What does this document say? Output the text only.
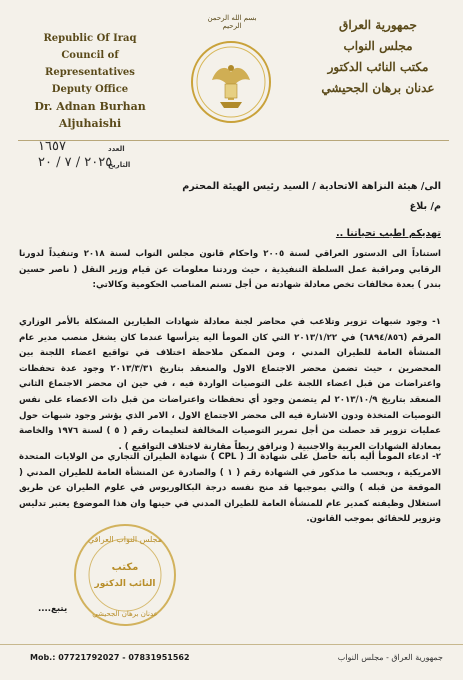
Republic Of Iraq
Council of Representatives
Deputy Office
Dr. Adnan Burhan Aljuhaishi
بسم الله الرحمن الرحيم	جمهورية العراق
مجلس النواب
مكتب النائب الدكتور
عدنان برهان الجحيشي
العدد
١٦٥٧
التاريخ
٢٠٢٥ / ٧ / ٢٠
الى/ هيئة النزاهة الاتحادية / السيد رئيس الهيئة المحترم
م/ بلاغ
تهديكم اطيب تحياتنا ..
استناداً الى الدستور العراقي لسنة ٢٠٠٥ واحكام قانون مجلس النواب لسنة ٢٠١٨ وتنفيذاً لدورنا الرقابي ومراقبة عمل السلطة التنفيذية ، حيث وردتنا معلومات عن قيام وزير النقل ( ناصر حسين بندر ) بعدة مخالفات تخص معادلة شهادته من أجل تسنم المناصب الحكومية وكالاتي:
١- وجود شبهات تزوير وتلاعب في محاضر لجنة معادلة شهادات الطيارين المشكلة بالأمر الوزاري المرقم (٦٨٩٤/٨٥٦) في ٢٠١٣/١/٢٢ التي كان المومأ اليه يترأسها عندما كان يشغل منصب مدير عام المنشأة العامة للطيران المدني ، ومن الممكن ملاحظة اختلاف في تواقيع اعضاء اللجنة بين المحضرين ، حيث تضمن محضر الاجتماع الاول والمنعقد بتاريخ ٢٠١٣/٣/٣١ وجود عدة تحفظات واعتراضات من قبل اعضاء اللجنة على التوصيات الواردة فيه ، في حين ان محضر الاجتماع الثاني المنعقد بتاريخ ٢٠١٣/١٠/٩ لم يتضمن وجود أي تحفظات واعتراضات من قبل ذات الاعضاء على نفس التوصيات المتخذة ودون الاشارة فيه الى محضر الاجتماع الاول ، الامر الذي يؤشر وجود شبهات حول عمليات تزوير قد حصلت من أجل تمرير التوصيات المخالفة لتعليمات رقم ( ٥ ) لسنة ١٩٧٦ والخاصة بمعادلة الشهادات العربية والاجنبية ( ونرافق ربطاً مقارنة لاختلاف التواقيع ) .
٢- ادعاء المومأ أليه بأنه حاصل على شهادة الـ ( CPL ) شهادة الطيران التجاري من الولايات المتحدة الامريكية ، وبحسب ما مذكور في الشهادة رقم ( ١ ) والصادرة عن المنشأة العامة للطيران المدني ( الموقعة من قبله ) والتي بموجبها قد منح نفسه درجة البكالوريوس في علوم الطيران عن طريق استغلال وظيفته كمدير عام للمنشأة العامة للطيران المدني في حينها وان هذا الموضوع يعتبر تدليس وتزوير للحقائق بموجب القانون.
مجلس النواب العراقي
مكتب
النائب الدكتور
عدنان برهان الجحيشي
يتبع....
Mob.: 07721792027 - 07831951562	جمهورية العراق - مجلس النواب
